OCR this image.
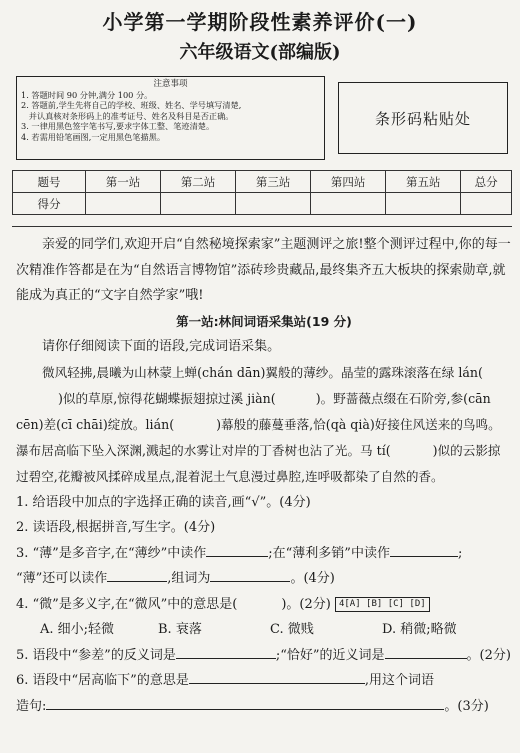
小学第一学期阶段性素养评价(一)
六年级语文(部编版)
注意事项
1. 答题时间 90 分钟,满分 100 分。
2. 答题前,学生先将自己的学校、班级、姓名、学号填写清楚,
并认真核对条形码上的准考证号、姓名及科目是否正确。
3. 一律用黑色签字笔书写,要求字体工整、笔迹清楚。
4. 若需用铅笔画图,一定用黑色笔描黑。
条形码粘贴处
题号	第一站	第二站	第三站	第四站	第五站	总分
得分						

亲爱的同学们,欢迎开启“自然秘境探索家”主题测评之旅!整个测评过程中,你的每一次精准作答都是在为“自然语言博物馆”添砖珍贵藏品,最终集齐五大板块的探索勋章,就能成为真正的“文字自然学家”哦!

第一站:林间词语采集站(19 分)

请你仔细阅读下面的语段,完成词语采集。

微风轻拂,晨曦为山林蒙上蝉(chán dān)翼般的薄纱。晶莹的露珠滚落在绿 lán()似的草原,惊得花蝴蝶振翅掠过溪 jiàn(	)。野蔷薇点缀在石阶旁,参(cān cēn)差(cī chāi)绽放。lián(	)幕般的藤蔓垂落,恰(qà qià)好接住风送来的鸟鸣。瀑布居高临下坠入深渊,溅起的水雾让对岸的丁香树也沾了光。马 tí(	)似的云影掠过碧空,花瓣被风揉碎成星点,混着泥土气息漫过鼻腔,连呼吸都染了自然的香。

1. 给语段中加点的字选择正确的读音,画“√”。(4分)

2. 读语段,根据拼音,写生字。(4分)

3. “薄”是多音字,在“薄纱”中读作	;在“薄利多销”中读作	;

“薄”还可以读作	,组词为	。(4分)

4. “微”是多义字,在“微风”中的意思是(	)。(2分) 4[A] [B] [C] [D]

A. 细小;轻微	B. 衰落	C. 微贱	D. 稍微;略微

5. 语段中“参差”的反义词是	;“恰好”的近义词是	。(2分)

6. 语段中“居高临下”的意思是	,用这个词语

造句:	。(3分)
